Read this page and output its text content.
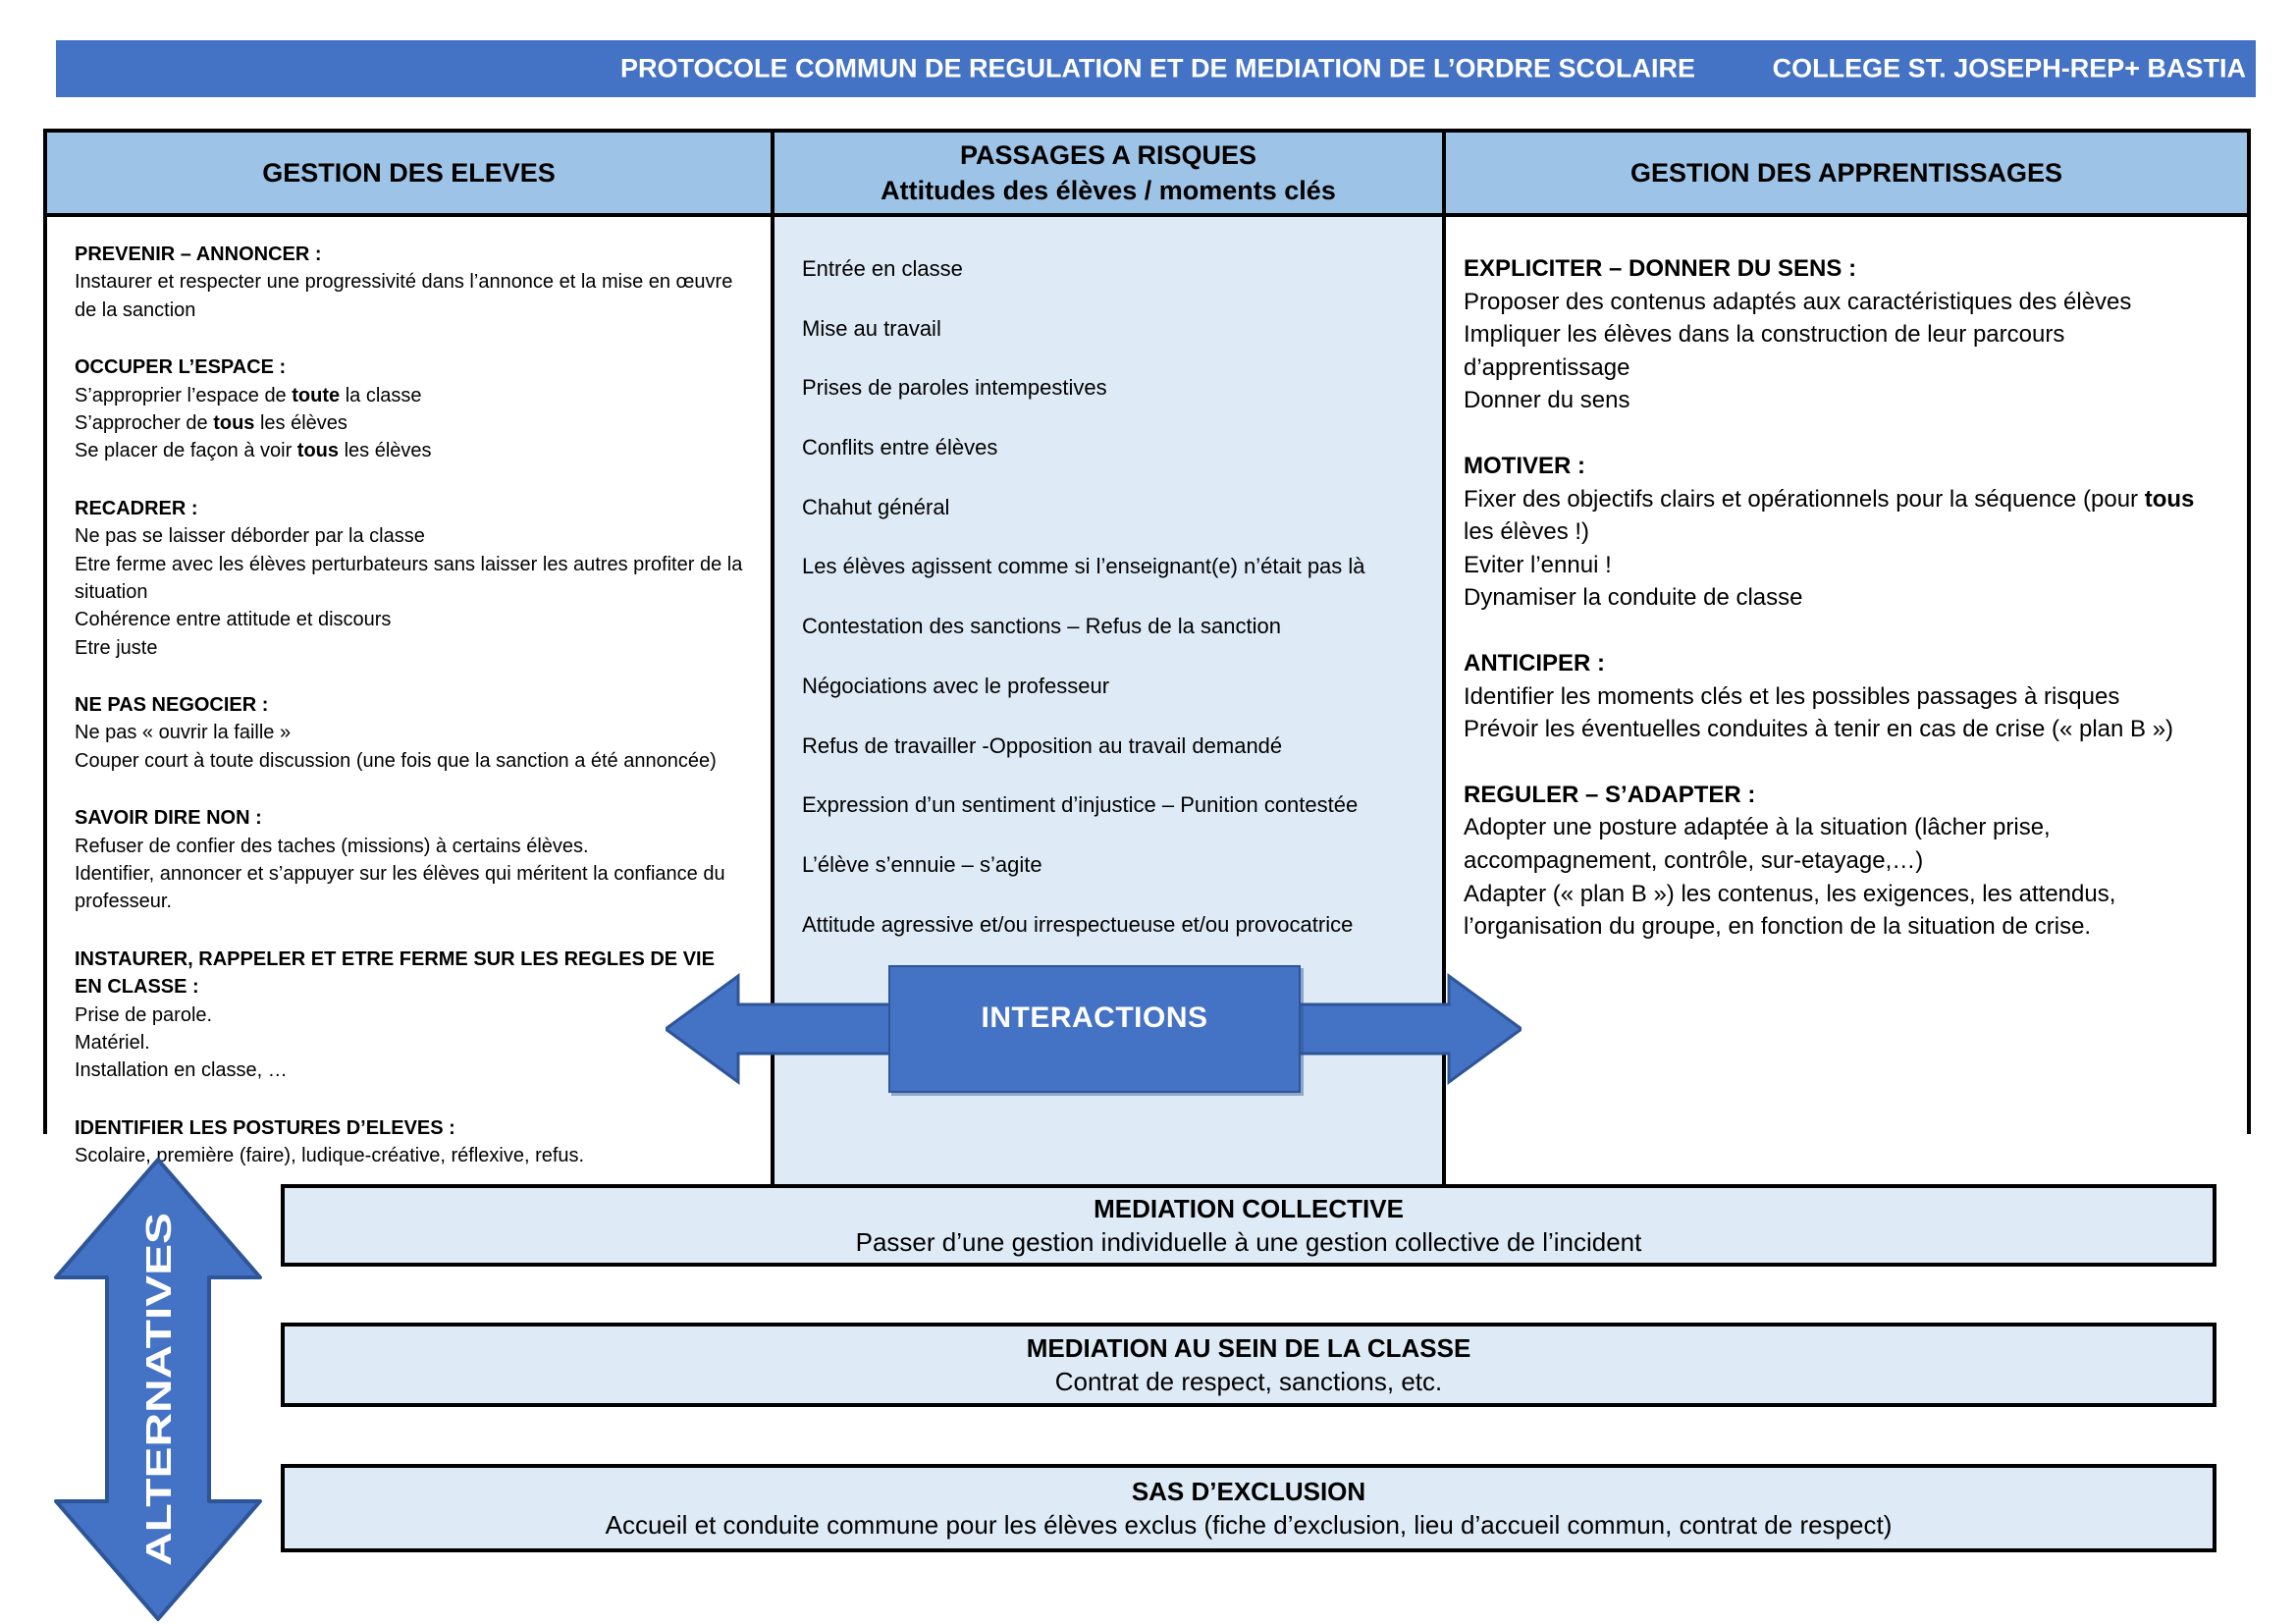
PROTOCOLE COMMUN DE REGULATION ET DE MEDIATION DE L’ORDRE SCOLAIRE	COLLEGE ST. JOSEPH-REP+ BASTIA
GESTION DES ELEVES
PASSAGES A RISQUES
Attitudes des élèves / moments clés
GESTION DES APPRENTISSAGES
PREVENIR – ANNONCER :
Instaurer et respecter une progressivité dans l’annonce et la mise en œuvre de la sanction
OCCUPER L’ESPACE :
S’approprier l’espace de toute la classe
S’approcher de tous les élèves
Se placer de façon à voir tous les élèves
RECADRER :
Ne pas se laisser déborder par la classe
Etre ferme avec les élèves perturbateurs sans laisser les autres profiter de la situation
Cohérence entre attitude et discours
Etre juste
NE PAS NEGOCIER :
Ne pas « ouvrir la faille »
Couper court à toute discussion (une fois que la sanction a été annoncée)
SAVOIR DIRE NON :
Refuser de confier des taches (missions) à certains élèves.
Identifier, annoncer et s’appuyer sur les élèves qui méritent la confiance du professeur.
INSTAURER, RAPPELER ET ETRE FERME SUR LES REGLES DE VIE EN CLASSE :
Prise de parole.
Matériel.
Installation en classe, …
IDENTIFIER LES POSTURES D’ELEVES :
Scolaire, première (faire), ludique-créative, réflexive, refus.
Entrée en classe
Mise au travail
Prises de paroles intempestives
Conflits entre élèves
Chahut général
Les élèves agissent comme si l’enseignant(e) n’était pas là
Contestation des sanctions – Refus de la sanction
Négociations avec le professeur
Refus de travailler -Opposition au travail demandé
Expression d’un sentiment d’injustice – Punition contestée
L’élève s’ennuie – s’agite
Attitude agressive et/ou irrespectueuse et/ou provocatrice
EXPLICITER – DONNER DU SENS :
Proposer des contenus adaptés aux caractéristiques des élèves
Impliquer les élèves dans la construction de leur parcours d’apprentissage
Donner du sens
MOTIVER :
Fixer des objectifs clairs et opérationnels pour la séquence (pour tous les élèves !)
Eviter l’ennui !
Dynamiser la conduite de classe
ANTICIPER :
Identifier les moments clés et les possibles passages à risques
Prévoir les éventuelles conduites à tenir en cas de crise (« plan B »)
REGULER – S’ADAPTER :
Adopter une posture adaptée à la situation (lâcher prise, accompagnement, contrôle, sur-etayage,…)
Adapter (« plan B ») les contenus, les exigences, les attendus, l’organisation du groupe, en fonction de la situation de crise.
INTERACTIONS
ALTERNATIVES
MEDIATION COLLECTIVE
Passer d’une gestion individuelle à une gestion collective de l’incident
MEDIATION AU SEIN DE LA CLASSE
Contrat de respect, sanctions, etc.
SAS D’EXCLUSION
Accueil et conduite commune pour les élèves exclus (fiche d’exclusion, lieu d’accueil commun, contrat de respect)
